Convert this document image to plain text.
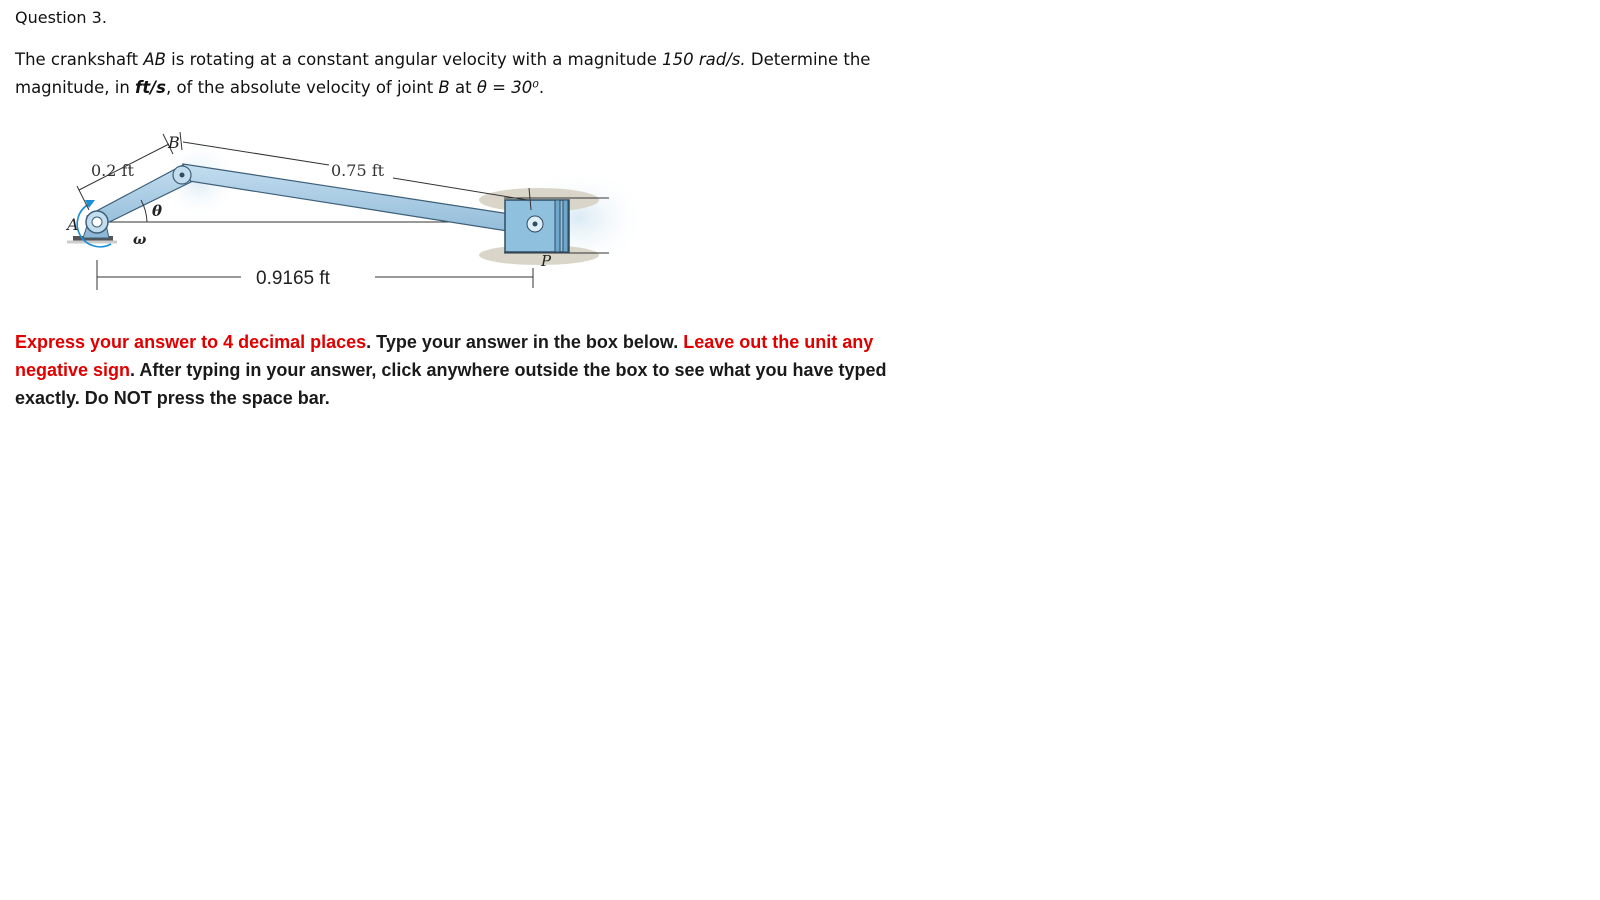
Question 3.
The crankshaft AB is rotating at a constant angular velocity with a magnitude 150 rad/s. Determine the magnitude, in ft/s, of the absolute velocity of joint B at θ = 30⁰.
B
A
P
θ
ω
0.2 ft	0.75 ft
0.9165 ft
Express your answer to 4 decimal places. Type your answer in the box below. Leave out the unit any negative sign. After typing in your answer, click anywhere outside the box to see what you have typed exactly. Do NOT press the space bar.
